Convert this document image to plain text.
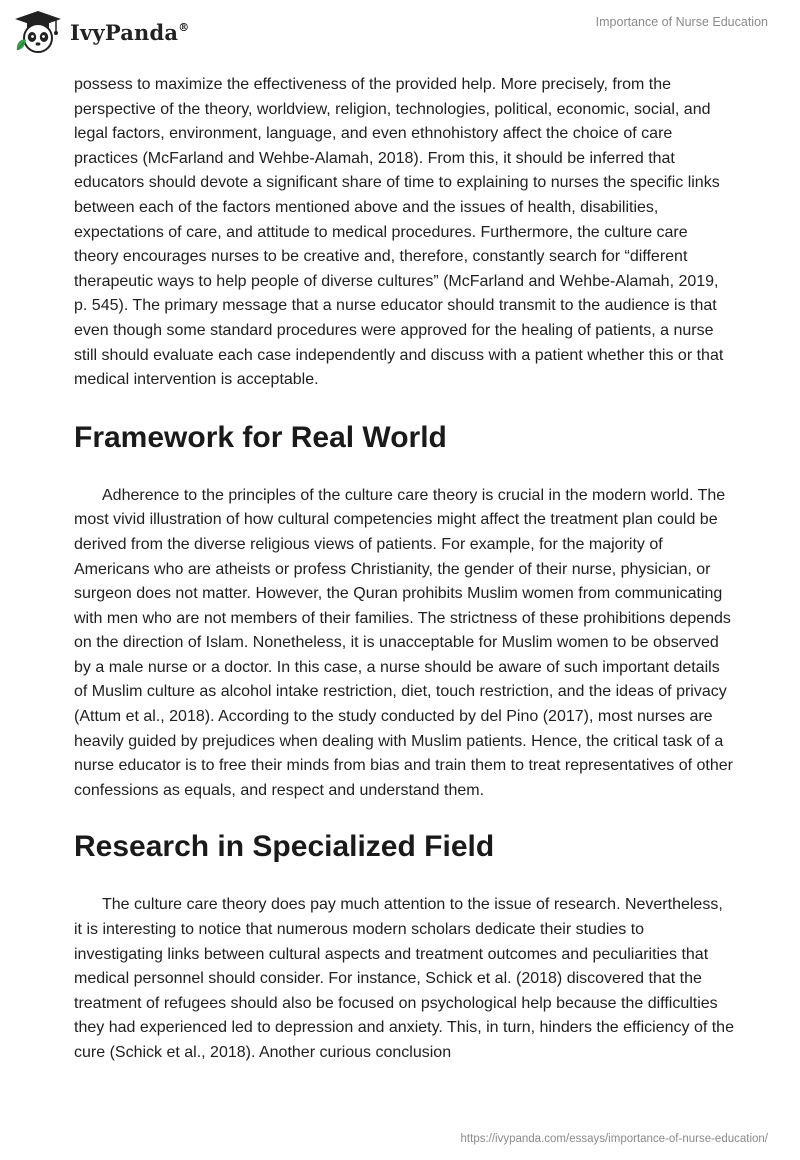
IvyPanda®	Importance of Nurse Education

possess to maximize the effectiveness of the provided help. More precisely, from the perspective of the theory, worldview, religion, technologies, political, economic, social, and legal factors, environment, language, and even ethnohistory affect the choice of care practices (McFarland and Wehbe-Alamah, 2018). From this, it should be inferred that educators should devote a significant share of time to explaining to nurses the specific links between each of the factors mentioned above and the issues of health, disabilities, expectations of care, and attitude to medical procedures. Furthermore, the culture care theory encourages nurses to be creative and, therefore, constantly search for “different therapeutic ways to help people of diverse cultures” (McFarland and Wehbe-Alamah, 2019, p. 545). The primary message that a nurse educator should transmit to the audience is that even though some standard procedures were approved for the healing of patients, a nurse still should evaluate each case independently and discuss with a patient whether this or that medical intervention is acceptable.

Framework for Real World

Adherence to the principles of the culture care theory is crucial in the modern world. The most vivid illustration of how cultural competencies might affect the treatment plan could be derived from the diverse religious views of patients. For example, for the majority of Americans who are atheists or profess Christianity, the gender of their nurse, physician, or surgeon does not matter. However, the Quran prohibits Muslim women from communicating with men who are not members of their families. The strictness of these prohibitions depends on the direction of Islam. Nonetheless, it is unacceptable for Muslim women to be observed by a male nurse or a doctor. In this case, a nurse should be aware of such important details of Muslim culture as alcohol intake restriction, diet, touch restriction, and the ideas of privacy (Attum et al., 2018). According to the study conducted by del Pino (2017), most nurses are heavily guided by prejudices when dealing with Muslim patients. Hence, the critical task of a nurse educator is to free their minds from bias and train them to treat representatives of other confessions as equals, and respect and understand them.

Research in Specialized Field

The culture care theory does pay much attention to the issue of research. Nevertheless, it is interesting to notice that numerous modern scholars dedicate their studies to investigating links between cultural aspects and treatment outcomes and peculiarities that medical personnel should consider. For instance, Schick et al. (2018) discovered that the treatment of refugees should also be focused on psychological help because the difficulties they had experienced led to depression and anxiety. This, in turn, hinders the efficiency of the cure (Schick et al., 2018). Another curious conclusion

https://ivypanda.com/essays/importance-of-nurse-education/
